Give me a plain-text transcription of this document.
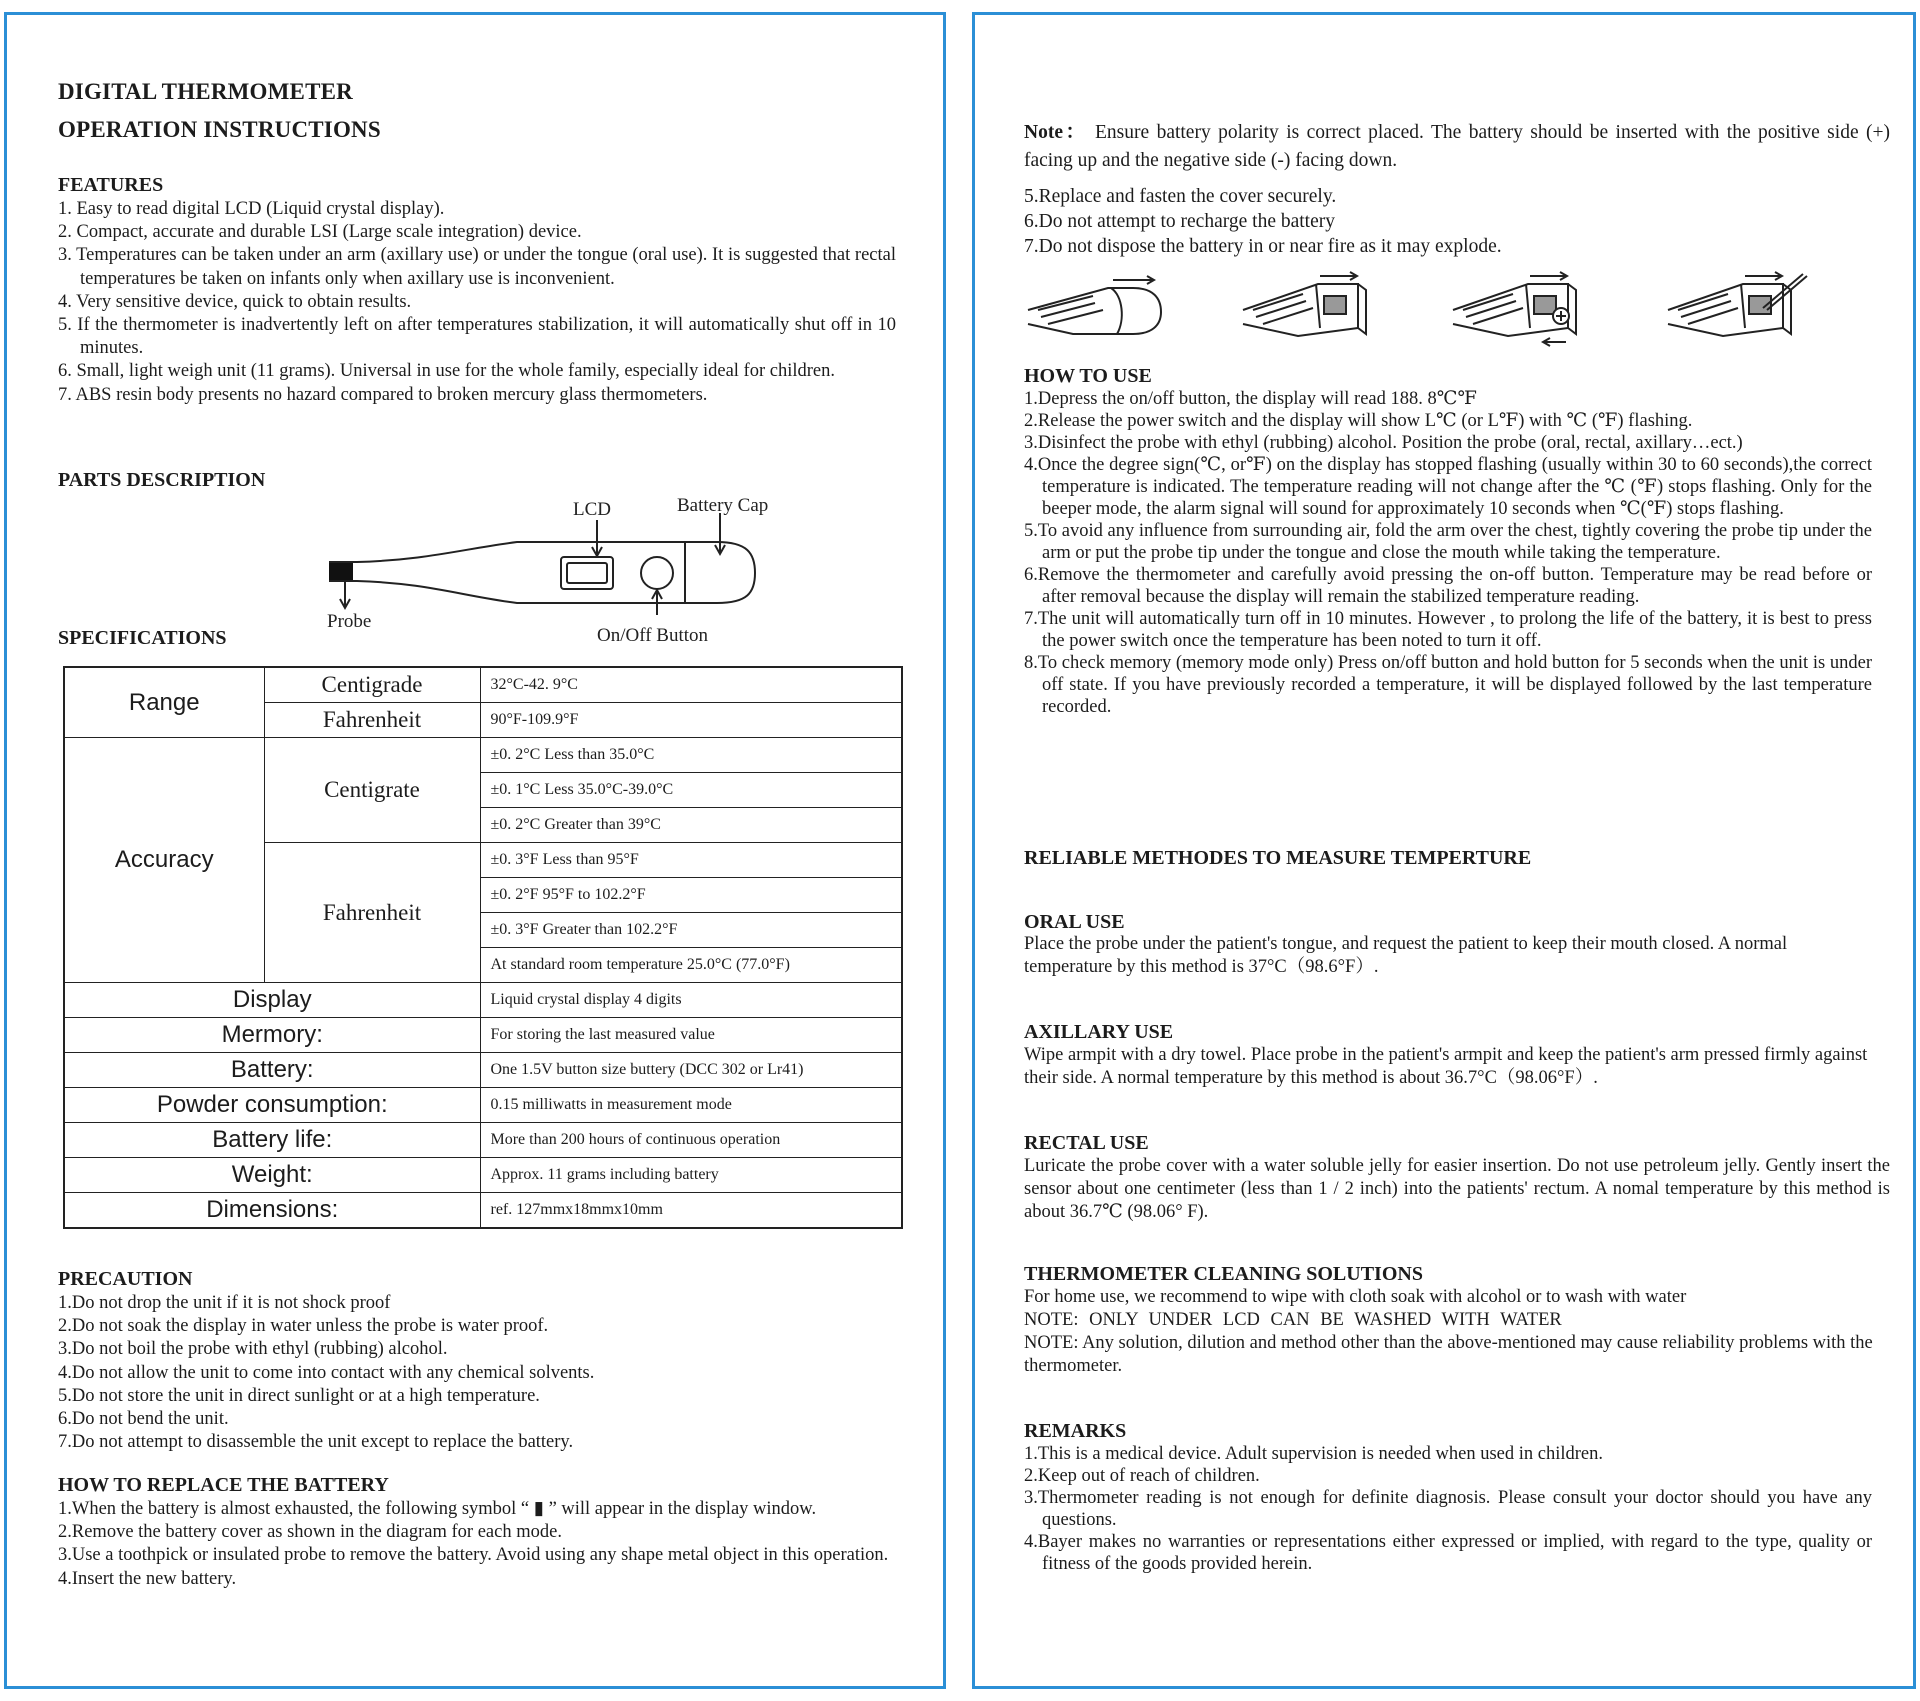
DIGITAL THERMOMETER
OPERATION INSTRUCTIONS
FEATURES
1. Easy to read digital LCD (Liquid crystal display).
2. Compact, accurate and durable LSI (Large scale integration) device.
3. Temperatures can be taken under an arm (axillary use) or under the tongue (oral use). It is suggested that rectal temperatures be taken on infants only when axillary use is inconvenient.
4. Very sensitive device, quick to obtain results.
5. If the thermometer is inadvertently left on after temperatures stabilization, it will automatically shut off in 10 minutes.
6. Small, light weigh unit (11 grams). Universal in use for the whole family, especially ideal for children.
7. ABS resin body presents no hazard compared to broken mercury glass thermometers.
PARTS DESCRIPTION
LCD	Battery Cap
Probe
On/Off Button
SPECIFICATIONS
Range	Centigrade	32°C-42. 9°C
	Fahrenheit	90°F-109.9°F
Accuracy	Centigrate	±0. 2°C Less than 35.0°C
		±0. 1°C Less 35.0°C-39.0°C
		±0. 2°C Greater than 39°C
	Fahrenheit	±0. 3°F Less than 95°F
		±0. 2°F 95°F to 102.2°F
		±0. 3°F Greater than 102.2°F
		At standard room temperature 25.0°C (77.0°F)
Display		Liquid crystal display 4 digits
Mermory:		For storing the last measured value
Battery:		One 1.5V button size buttery (DCC 302 or Lr41)
Powder consumption:		0.15 milliwatts in measurement mode
Battery life:		More than 200 hours of continuous operation
Weight:		Approx. 11 grams including battery
Dimensions:		ref. 127mmx18mmx10mm
PRECAUTION
1.Do not drop the unit if it is not shock proof
2.Do not soak the display in water unless the probe is water proof.
3.Do not boil the probe with ethyl (rubbing) alcohol.
4.Do not allow the unit to come into contact with any chemical solvents.
5.Do not store the unit in direct sunlight or at a high temperature.
6.Do not bend the unit.
7.Do not attempt to disassemble the unit except to replace the battery.
HOW TO REPLACE THE BATTERY
1.When the battery is almost exhausted, the following symbol “ ▮ ” will appear in the display window.
2.Remove the battery cover as shown in the diagram for each mode.
3.Use a toothpick or insulated probe to remove the battery. Avoid using any shape metal object in this operation.
4.Insert the new battery.
Note： Ensure battery polarity is correct placed. The battery should be inserted with the positive side (+) facing up and the negative side (-) facing down.
5.Replace and fasten the cover securely.
6.Do not attempt to recharge the battery
7.Do not dispose the battery in or near fire as it may explode.
HOW TO USE
1.Depress the on/off button, the display will read 188. 8℃℉
2.Release the power switch and the display will show L℃ (or L℉) with ℃ (℉) flashing.
3.Disinfect the probe with ethyl (rubbing) alcohol. Position the probe (oral, rectal, axillary…ect.)
4.Once the degree sign(℃, or℉) on the display has stopped flashing (usually within 30 to 60 seconds),the correct temperature is indicated. The temperature reading will not change after the ℃ (℉) stops flashing. Only for the beeper mode, the alarm signal will sound for approximately 10 seconds when ℃(℉) stops flashing.
5.To avoid any influence from surrounding air, fold the arm over the chest, tightly covering the probe tip under the arm or put the probe tip under the tongue and close the mouth while taking the temperature.
6.Remove the thermometer and carefully avoid pressing the on-off button. Temperature may be read before or after removal because the display will remain the stabilized temperature reading.
7.The unit will automatically turn off in 10 minutes. However , to prolong the life of the battery, it is best to press the power switch once the temperature has been noted to turn it off.
8.To check memory (memory mode only) Press on/off button and hold button for 5 seconds when the unit is under off state. If you have previously recorded a temperature, it will be displayed followed by the last temperature recorded.
RELIABLE METHODES TO MEASURE TEMPERTURE
ORAL USE
Place the probe under the patient's tongue, and request the patient to keep their mouth closed. A normal temperature by this method is 37°C（98.6°F）.
AXILLARY USE
Wipe armpit with a dry towel. Place probe in the patient's armpit and keep the patient's arm pressed firmly against their side. A normal temperature by this method is about 36.7°C（98.06°F）.
RECTAL USE
Luricate the probe cover with a water soluble jelly for easier insertion. Do not use petroleum jelly. Gently insert the sensor about one centimeter (less than 1 / 2 inch) into the patients' rectum. A nomal temperature by this method is about 36.7℃ (98.06° F).
THERMOMETER CLEANING SOLUTIONS

For home use, we recommend to wipe with cloth soak with alcohol or to wash with water

NOTE: ONLY UNDER LCD CAN BE WASHED WITH WATER

NOTE: Any solution, dilution and method other than the above-mentioned may cause reliability problems with the thermometer.

REMARKS
1.This is a medical device. Adult supervision is needed when used in children.
2.Keep out of reach of children.
3.Thermometer reading is not enough for definite diagnosis. Please consult your doctor should you have any questions.
4.Bayer makes no warranties or representations either expressed or implied, with regard to the type, quality or fitness of the goods provided herein.
